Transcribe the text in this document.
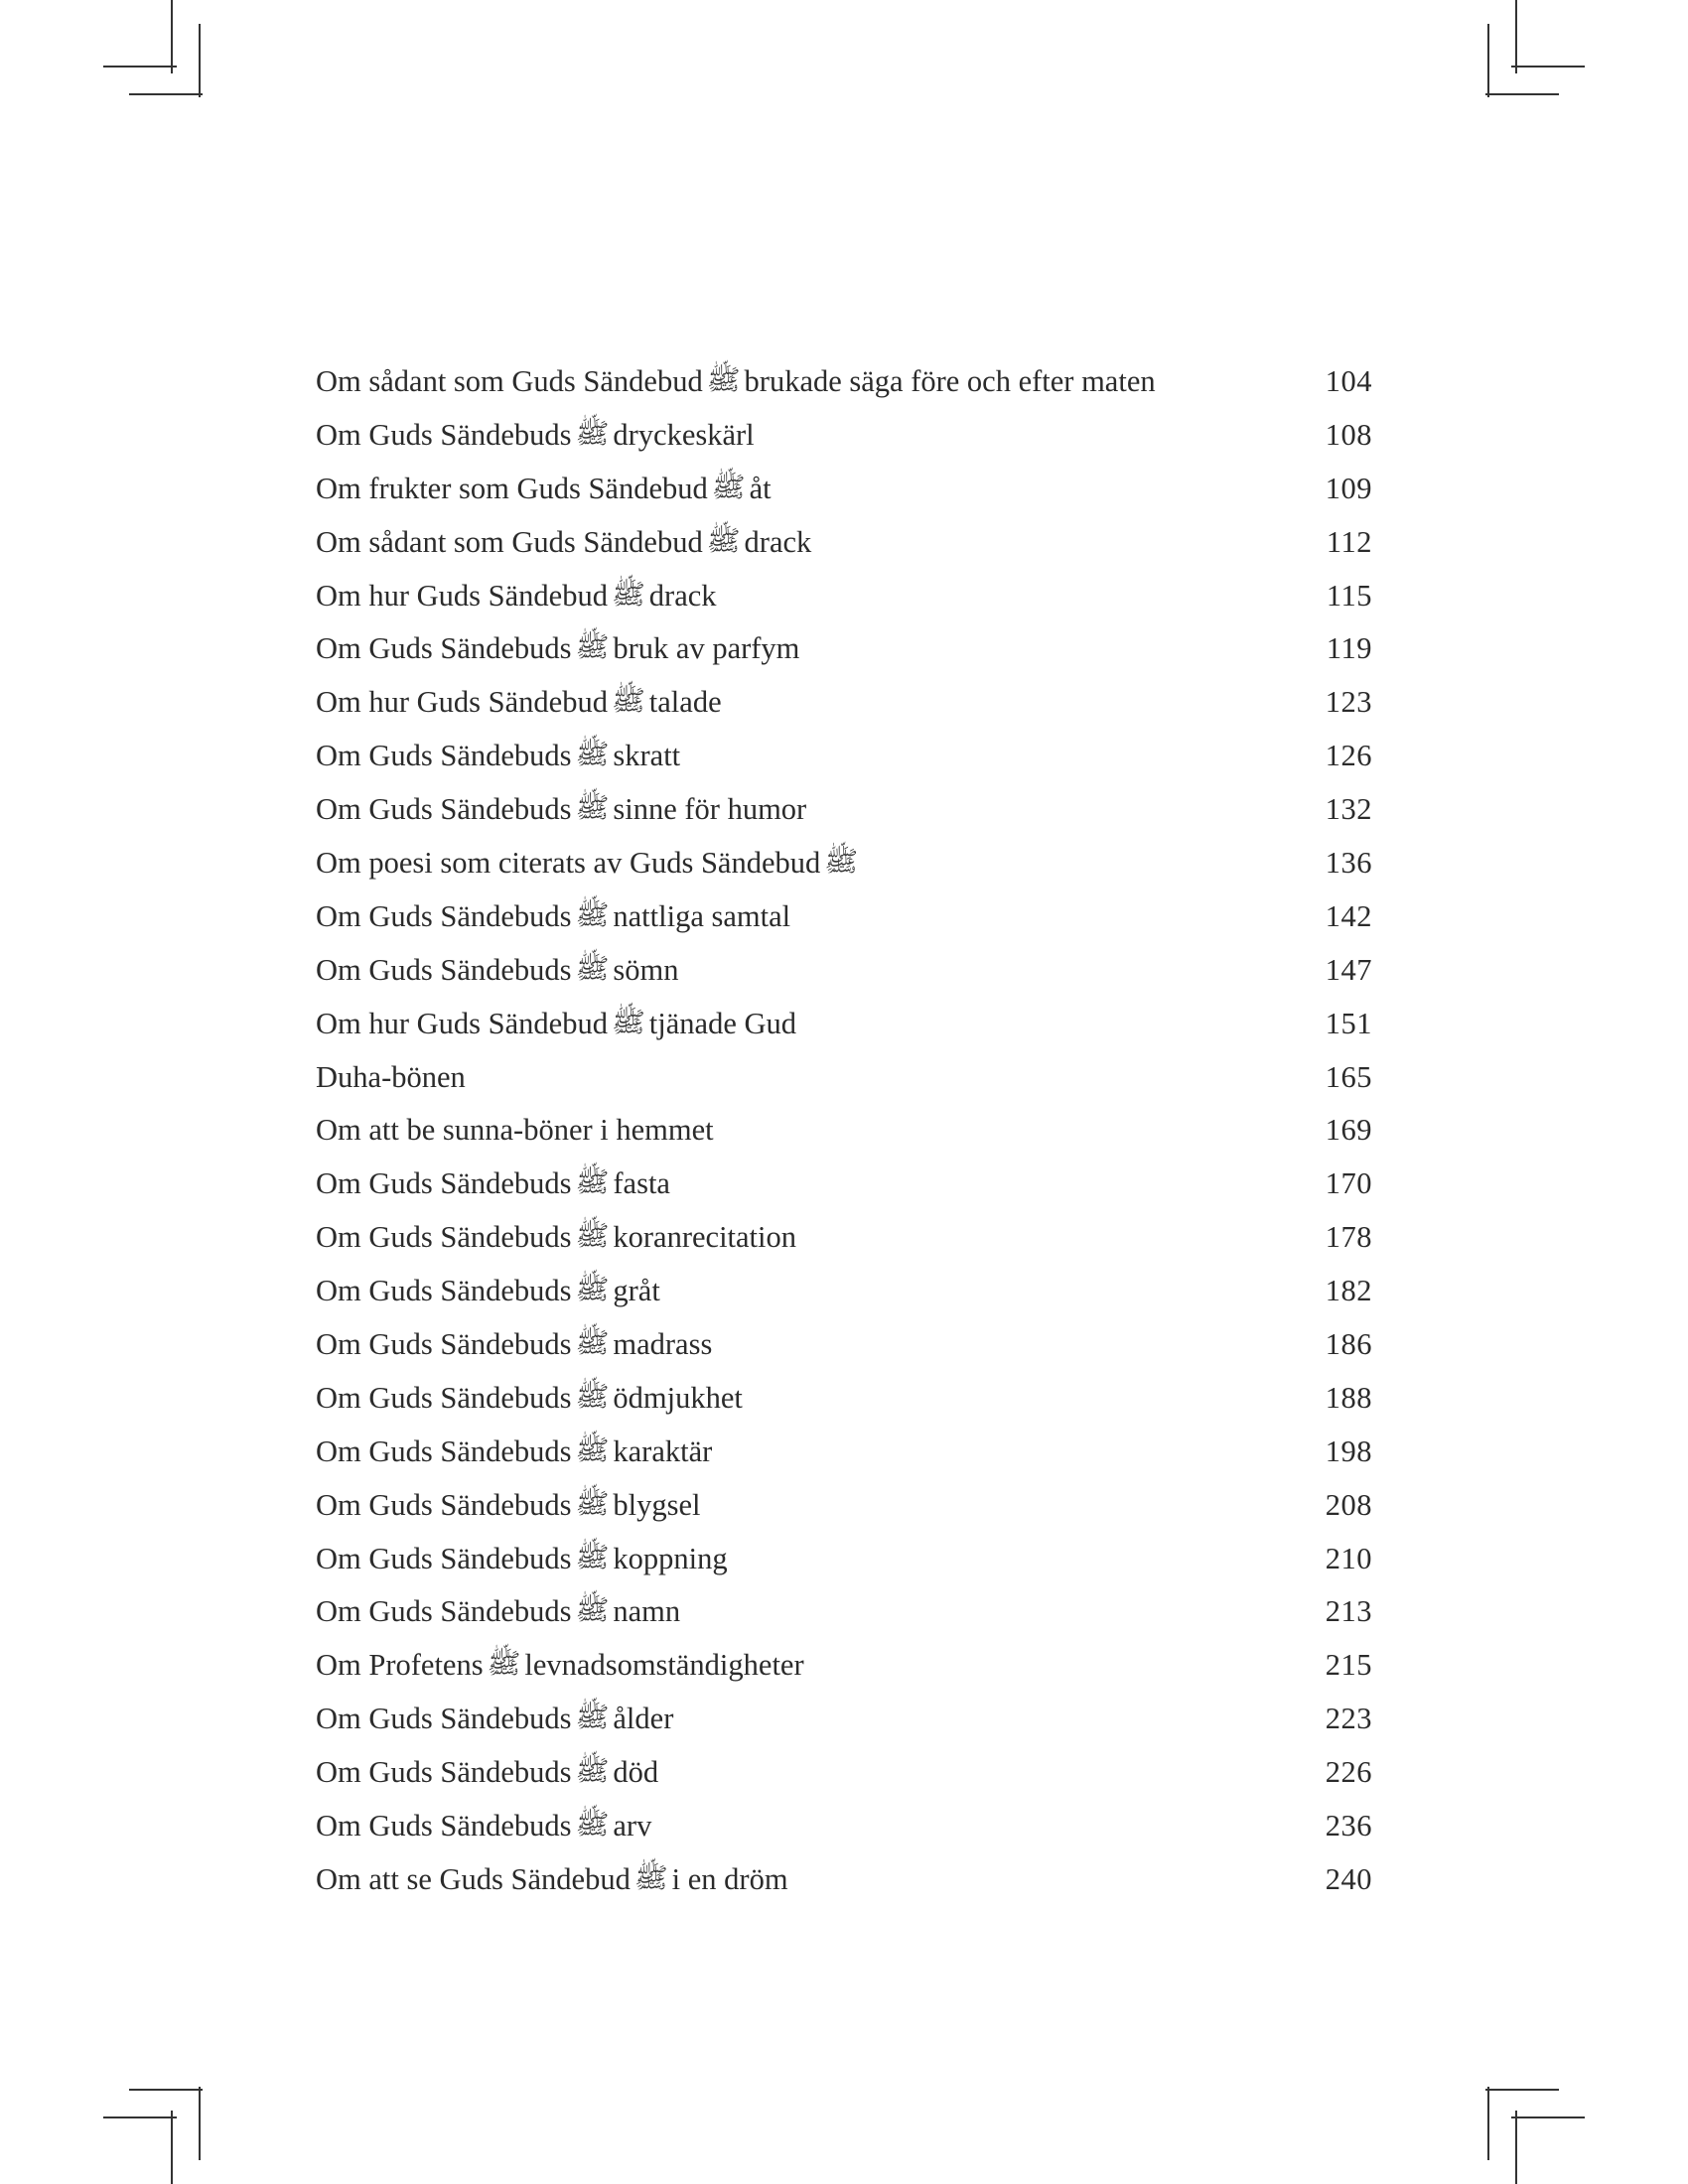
Om sådant som Guds Sändebud ﷺ brukade säga före och efter maten	104
Om Guds Sändebuds ﷺ dryckeskärl	108
Om frukter som Guds Sändebud ﷺ åt	109
Om sådant som Guds Sändebud ﷺ drack	112
Om hur Guds Sändebud ﷺ drack	115
Om Guds Sändebuds ﷺ bruk av parfym	119
Om hur Guds Sändebud ﷺ talade	123
Om Guds Sändebuds ﷺ skratt	126
Om Guds Sändebuds ﷺ sinne för humor	132
Om poesi som citerats av Guds Sändebud ﷺ	136
Om Guds Sändebuds ﷺ nattliga samtal	142
Om Guds Sändebuds ﷺ sömn	147
Om hur Guds Sändebud ﷺ tjänade Gud	151
Duha-bönen	165
Om att be sunna-böner i hemmet	169
Om Guds Sändebuds ﷺ fasta	170
Om Guds Sändebuds ﷺ koranrecitation	178
Om Guds Sändebuds ﷺ gråt	182
Om Guds Sändebuds ﷺ madrass	186
Om Guds Sändebuds ﷺ ödmjukhet	188
Om Guds Sändebuds ﷺ karaktär	198
Om Guds Sändebuds ﷺ blygsel	208
Om Guds Sändebuds ﷺ koppning	210
Om Guds Sändebuds ﷺ namn	213
Om Profetens ﷺ levnadsomständigheter	215
Om Guds Sändebuds ﷺ ålder	223
Om Guds Sändebuds ﷺ död	226
Om Guds Sändebuds ﷺ arv	236
Om att se Guds Sändebud ﷺ i en dröm	240
